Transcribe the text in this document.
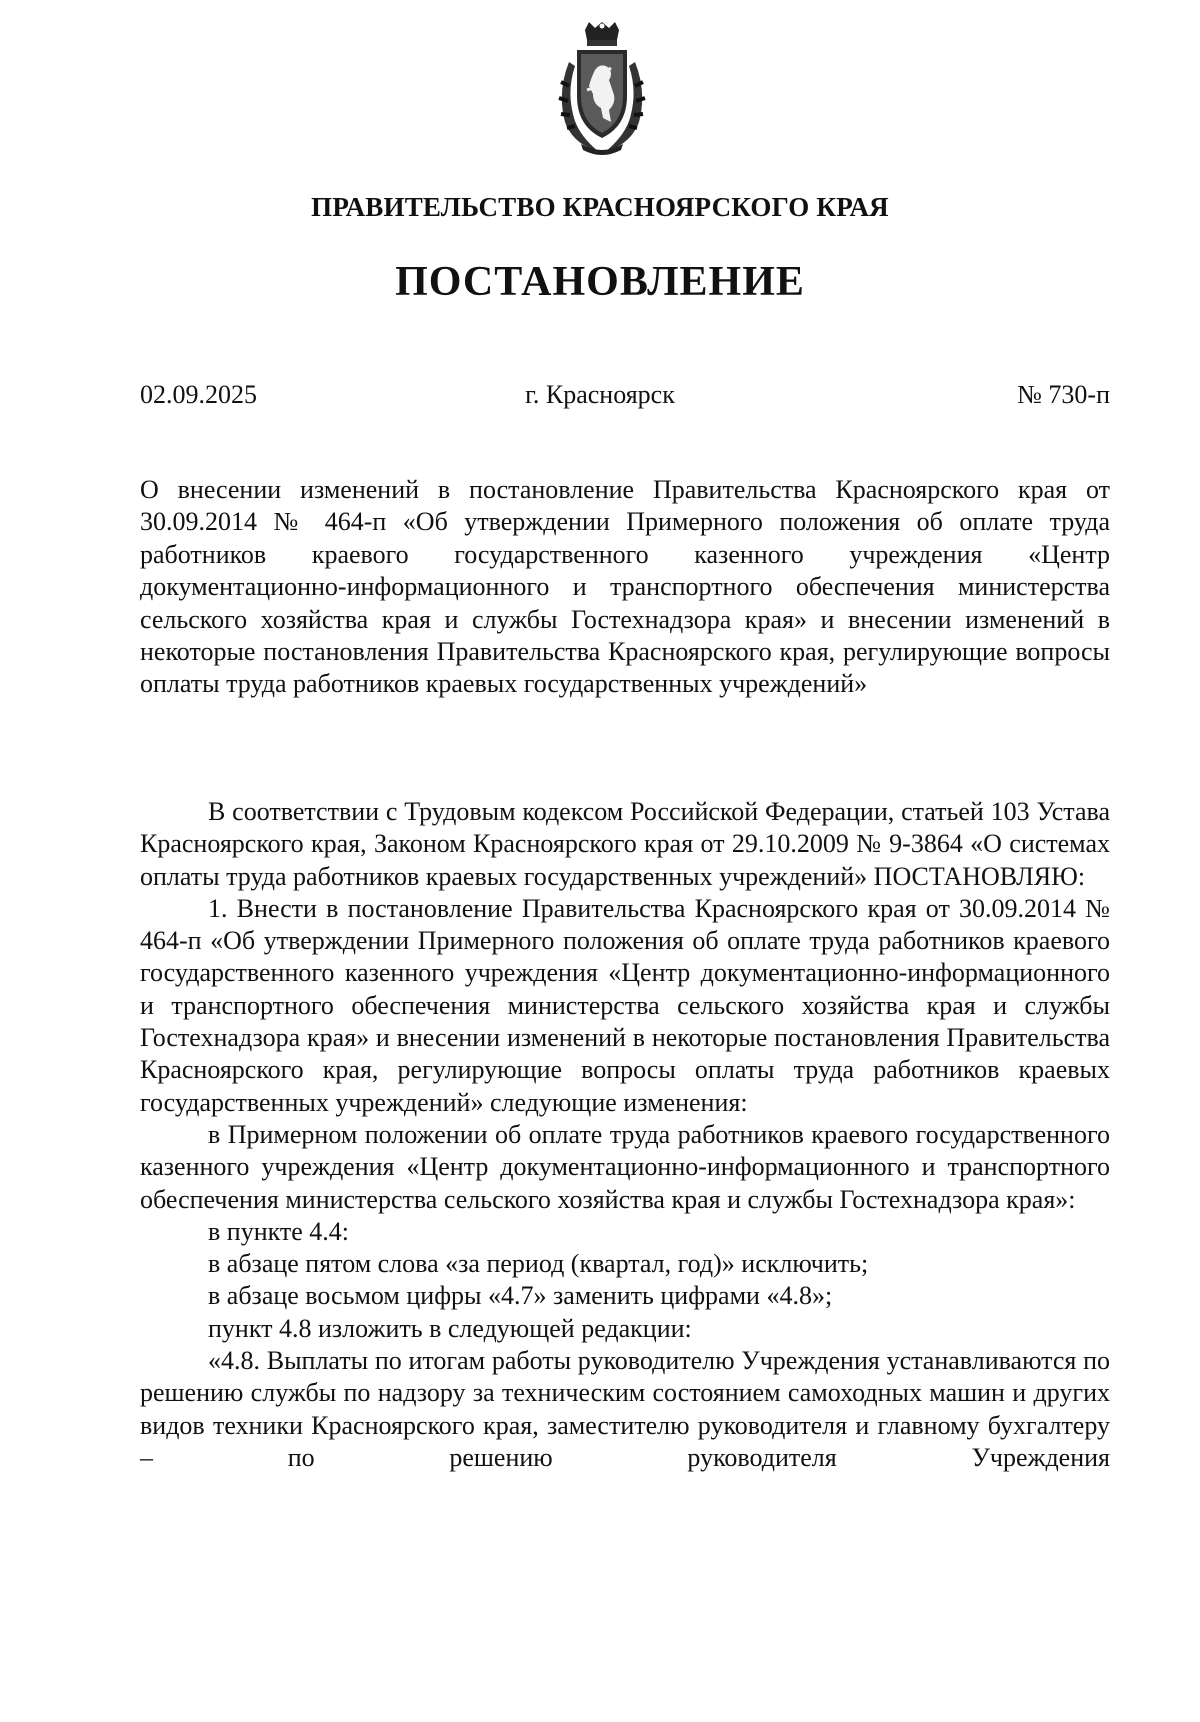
ПРАВИТЕЛЬСТВО КРАСНОЯРСКОГО КРАЯ
ПОСТАНОВЛЕНИЕ
02.09.2025	№ 730-п
г. Красноярск
О внесении изменений в постановление Правительства Красноярского края от 30.09.2014 № 464-п «Об утверждении Примерного положения об оплате труда работников краевого государственного казенного учреждения «Центр документационно-информационного и транспортного обеспечения министерства сельского хозяйства края и службы Гостехнадзора края» и внесении изменений в некоторые постановления Правительства Красноярского края, регулирующие вопросы оплаты труда работников краевых государственных учреждений»

В соответствии с Трудовым кодексом Российской Федерации, статьей 103 Устава Красноярского края, Законом Красноярского края от 29.10.2009 № 9-3864 «О системах оплаты труда работников краевых государственных учреждений» ПОСТАНОВЛЯЮ:

1. Внести в постановление Правительства Красноярского края от 30.09.2014 № 464-п «Об утверждении Примерного положения об оплате труда работников краевого государственного казенного учреждения «Центр документационно-информационного и транспортного обеспечения министерства сельского хозяйства края и службы Гостехнадзора края» и внесении изменений в некоторые постановления Правительства Красноярского края, регулирующие вопросы оплаты труда работников краевых государственных учреждений» следующие изменения:

в Примерном положении об оплате труда работников краевого государственного казенного учреждения «Центр документационно-информационного и транспортного обеспечения министерства сельского хозяйства края и службы Гостехнадзора края»:

в пункте 4.4:

в абзаце пятом слова «за период (квартал, год)» исключить;

в абзаце восьмом цифры «4.7» заменить цифрами «4.8»;

пункт 4.8 изложить в следующей редакции:

«4.8. Выплаты по итогам работы руководителю Учреждения устанавливаются по решению службы по надзору за техническим состоянием самоходных машин и других видов техники Красноярского края, заместителю руководителя и главному бухгалтеру – по решению руководителя Учреждения
